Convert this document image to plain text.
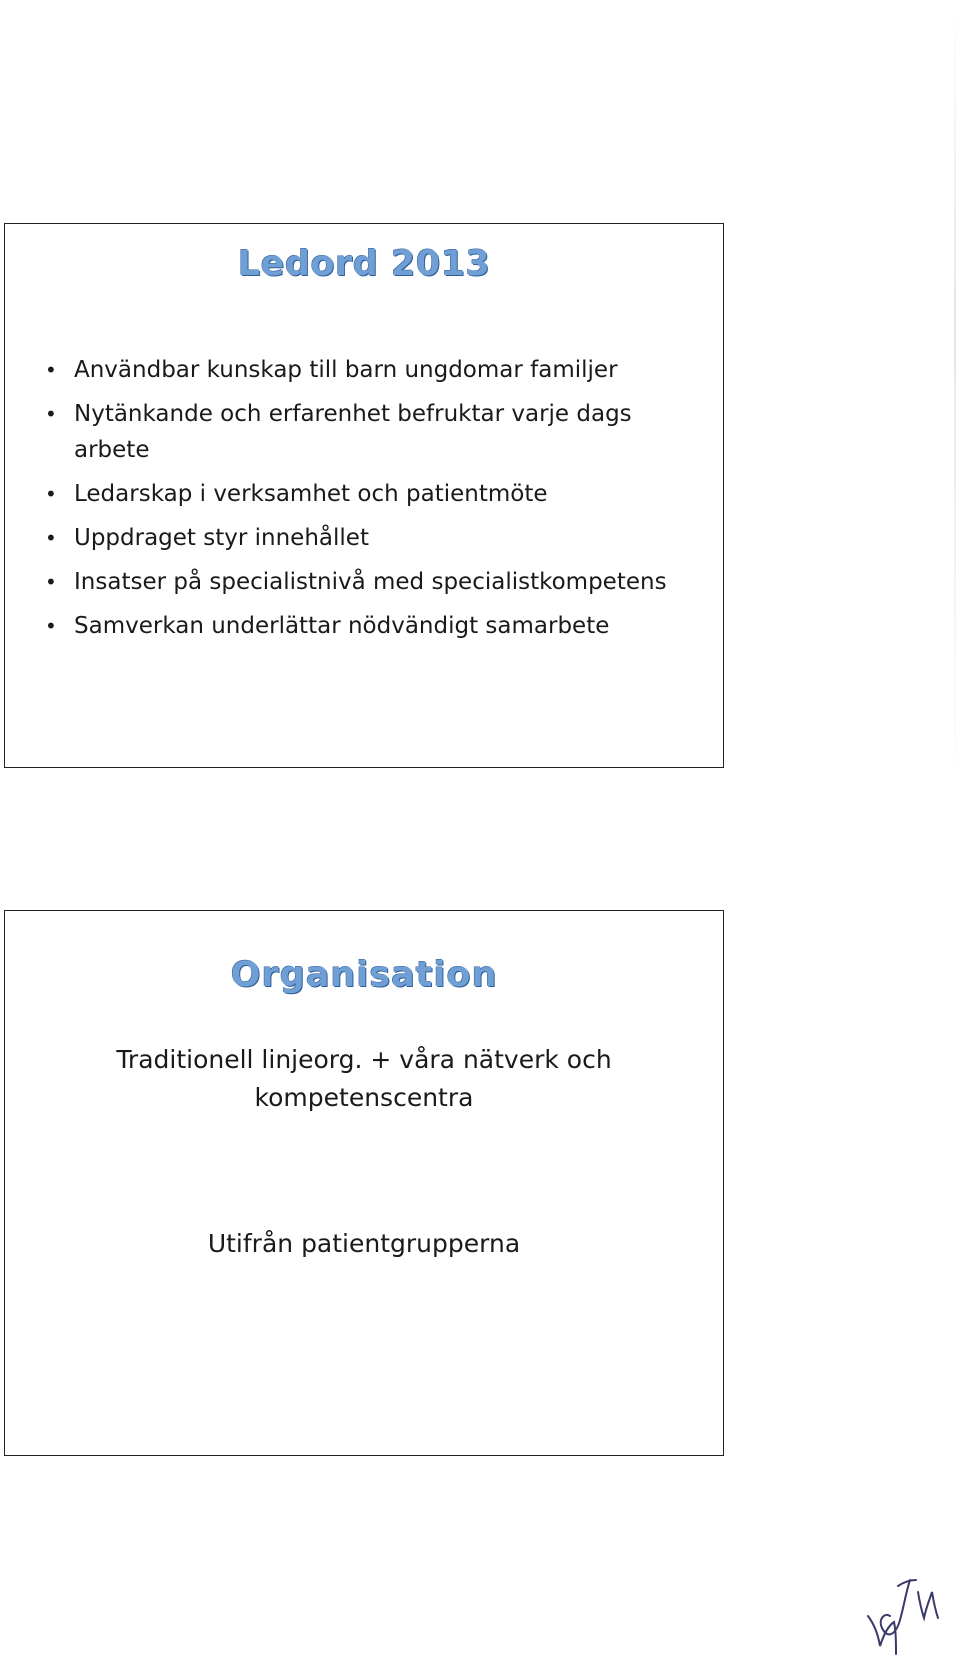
Ledord 2013
• Användbar kunskap till barn ungdomar familjer
• Nytänkande och erfarenhet befruktar varje dags arbete
• Ledarskap i verksamhet och patientmöte
• Uppdraget styr innehållet
• Insatser på specialistnivå med specialistkompetens
• Samverkan underlättar nödvändigt samarbete
Organisation
Traditionell linjeorg. + våra nätverk och kompetenscentra
Utifrån patientgrupperna
